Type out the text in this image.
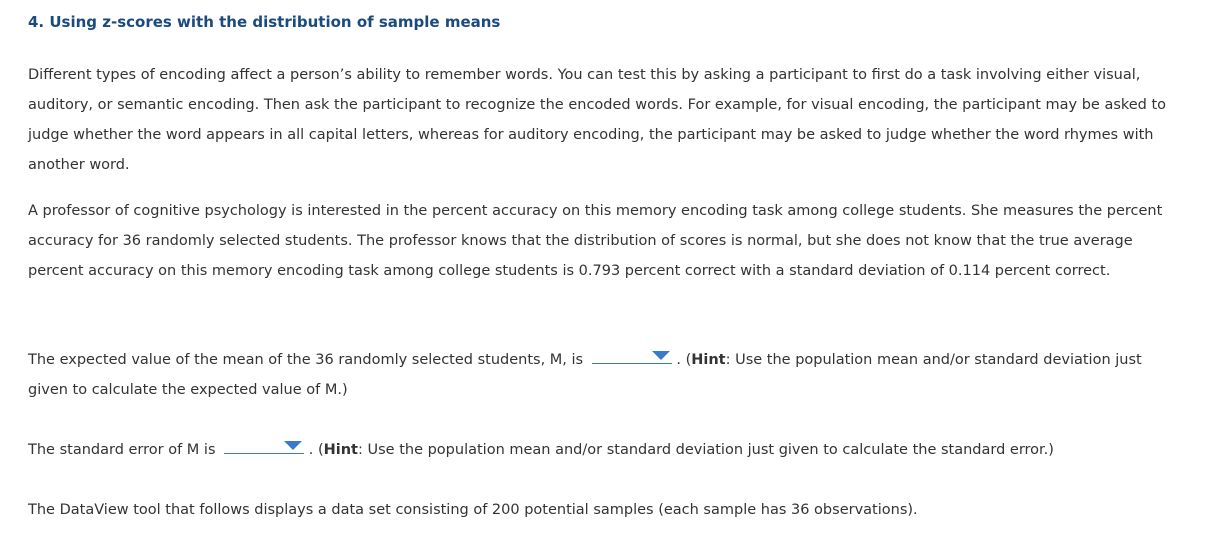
4. Using z-scores with the distribution of sample means

Different types of encoding affect a person’s ability to remember words. You can test this by asking a participant to first do a task involving either visual, auditory, or semantic encoding. Then ask the participant to recognize the encoded words. For example, for visual encoding, the participant may be asked to judge whether the word appears in all capital letters, whereas for auditory encoding, the participant may be asked to judge whether the word rhymes with another word.

A professor of cognitive psychology is interested in the percent accuracy on this memory encoding task among college students. She measures the percent accuracy for 36 randomly selected students. The professor knows that the distribution of scores is normal, but she does not know that the true average percent accuracy on this memory encoding task among college students is 0.793 percent correct with a standard deviation of 0.114 percent correct.

The expected value of the mean of the 36 randomly selected students, M, is	. (Hint: Use the population mean and/or standard deviation just given to calculate the expected value of M.)

The standard error of M is	. (Hint: Use the population mean and/or standard deviation just given to calculate the standard error.)

The DataView tool that follows displays a data set consisting of 200 potential samples (each sample has 36 observations).
